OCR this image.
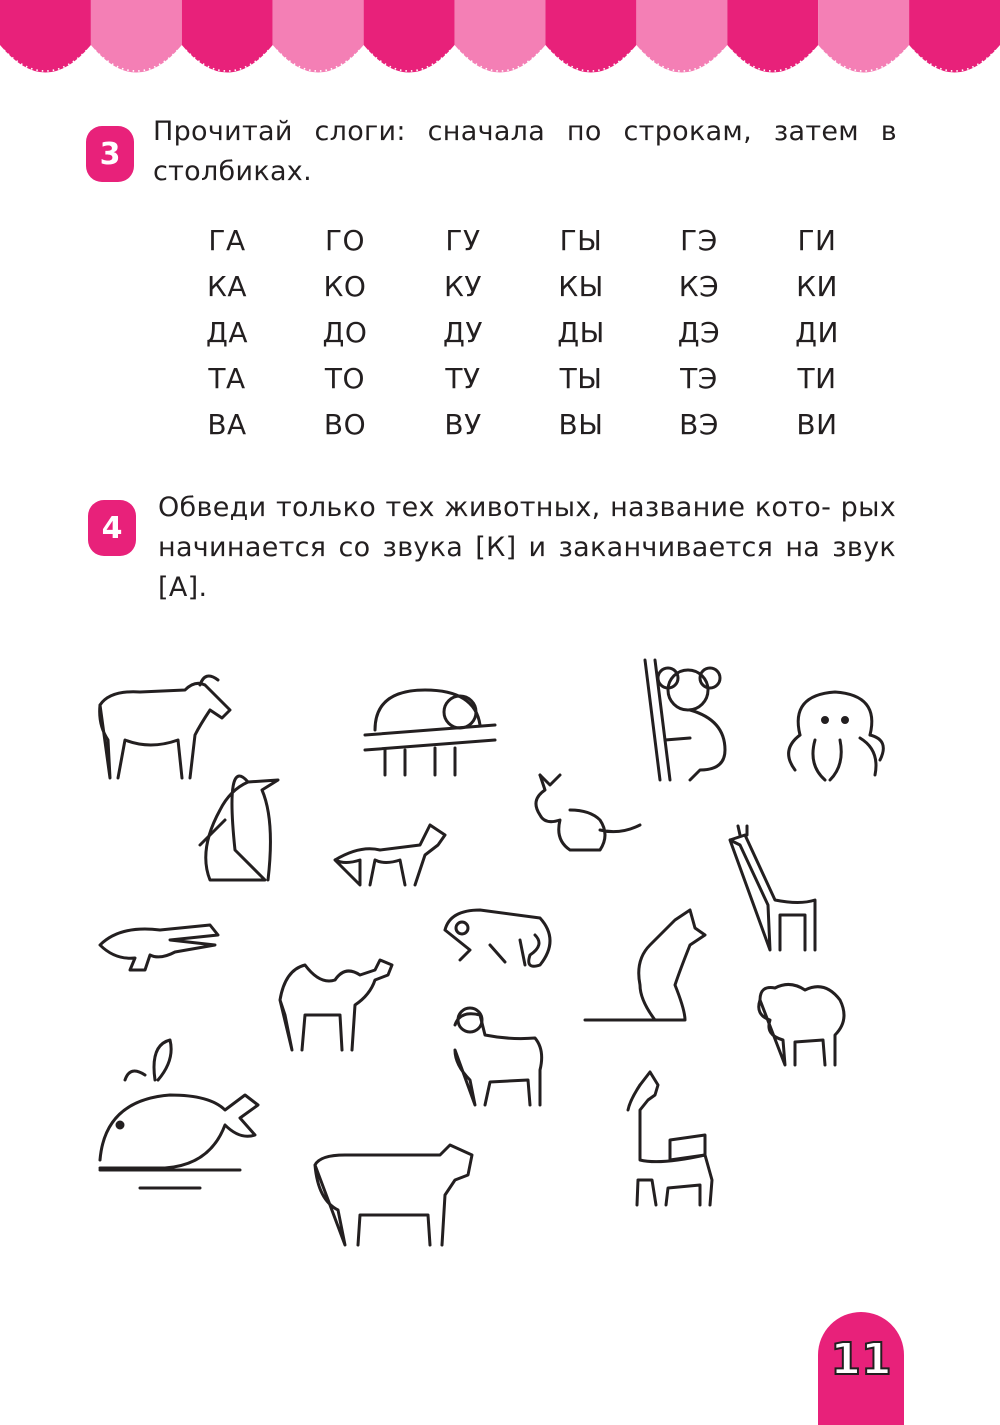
3
Прочитай слоги: сначала по строкам, затем в столбиках.
ГА	ГО	ГУ	ГЫ	ГЭ	ГИ
КА	КО	КУ	КЫ	КЭ	КИ
ДА	ДО	ДУ	ДЫ	ДЭ	ДИ
ТА	ТО	ТУ	ТЫ	ТЭ	ТИ
ВА	ВО	ВУ	ВЫ	ВЭ	ВИ
4
Обведи только тех животных, название кото- рых начинается со звука [К] и заканчивается на звук [А].
11
